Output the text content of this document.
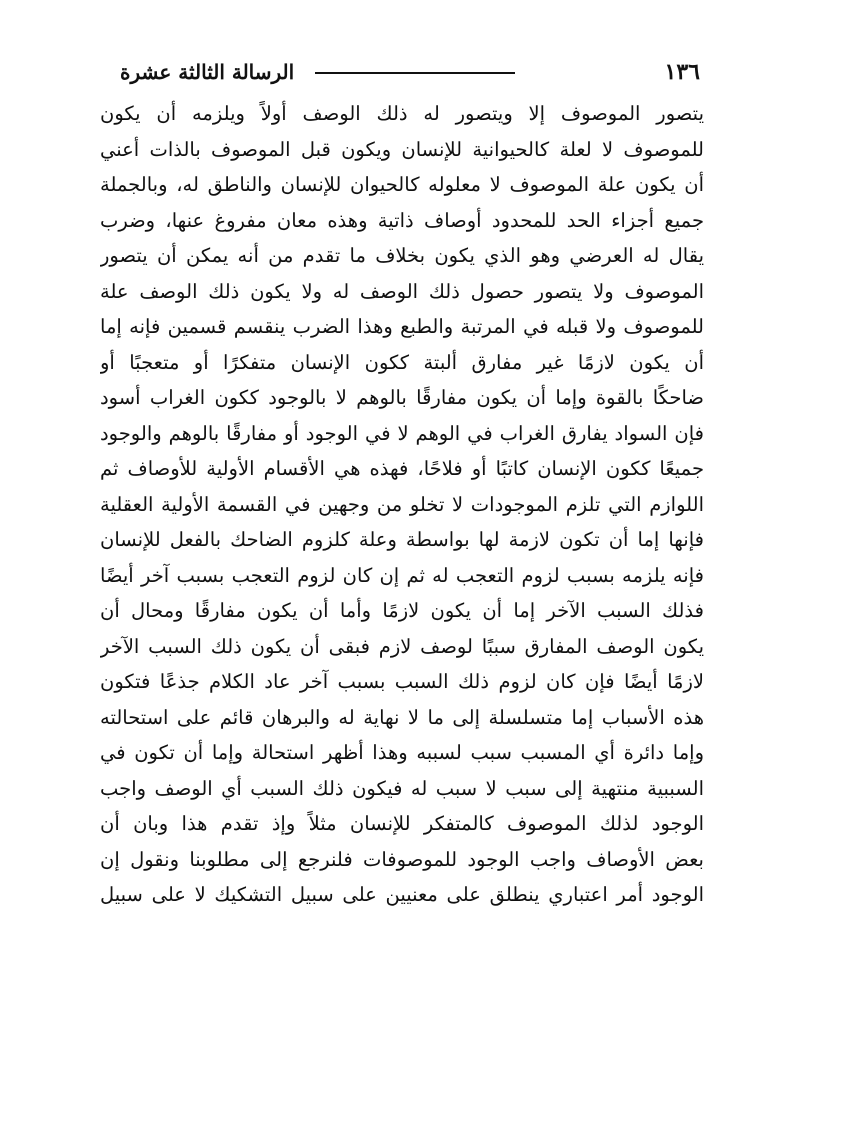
الرسالة الثالثة عشرة	١٣٦
يتصور الموصوف إلا ويتصور له ذلك الوصف أولاً ويلزمه أن يكون
للموصوف لا لعلة كالحيوانية للإنسان ويكون قبل الموصوف بالذات أعني
أن يكون علة الموصوف لا معلوله كالحيوان للإنسان والناطق له، وبالجملة
جميع أجزاء الحد للمحدود أوصاف ذاتية وهذه معان مفروغ عنها، وضرب
يقال له العرضي وهو الذي يكون بخلاف ما تقدم من أنه يمكن أن يتصور
الموصوف ولا يتصور حصول ذلك الوصف له ولا يكون ذلك الوصف علة
للموصوف ولا قبله في المرتبة والطبع وهذا الضرب ينقسم قسمين فإنه إما
أن يكون لازمًا غير مفارق ألبتة ككون الإنسان متفكرًا أو متعجبًا أو
ضاحكًا بالقوة وإما أن يكون مفارقًا بالوهم لا بالوجود ككون الغراب أسود
فإن السواد يفارق الغراب في الوهم لا في الوجود أو مفارقًا بالوهم والوجود
جميعًا ككون الإنسان كاتبًا أو فلاحًا، فهذه هي الأقسام الأولية للأوصاف ثم
اللوازم التي تلزم الموجودات لا تخلو من وجهين في القسمة الأولية العقلية
فإنها إما أن تكون لازمة لها بواسطة وعلة كلزوم الضاحك بالفعل للإنسان
فإنه يلزمه بسبب لزوم التعجب له ثم إن كان لزوم التعجب بسبب آخر أيضًا
فذلك السبب الآخر إما أن يكون لازمًا وأما أن يكون مفارقًا ومحال أن
يكون الوصف المفارق سببًا لوصف لازم فبقى أن يكون ذلك السبب الآخر
لازمًا أيضًا فإن كان لزوم ذلك السبب بسبب آخر عاد الكلام جذعًا فتكون
هذه الأسباب إما متسلسلة إلى ما لا نهاية له والبرهان قائم على استحالته
وإما دائرة أي المسبب سبب لسببه وهذا أظهر استحالة وإما أن تكون في
السببية منتهية إلى سبب لا سبب له فيكون ذلك السبب أي الوصف واجب
الوجود لذلك الموصوف كالمتفكر للإنسان مثلاً وإذ تقدم هذا وبان أن
بعض الأوصاف واجب الوجود للموصوفات فلنرجع إلى مطلوبنا ونقول إن
الوجود أمر اعتباري ينطلق على معنيين على سبيل التشكيك لا على سبيل
